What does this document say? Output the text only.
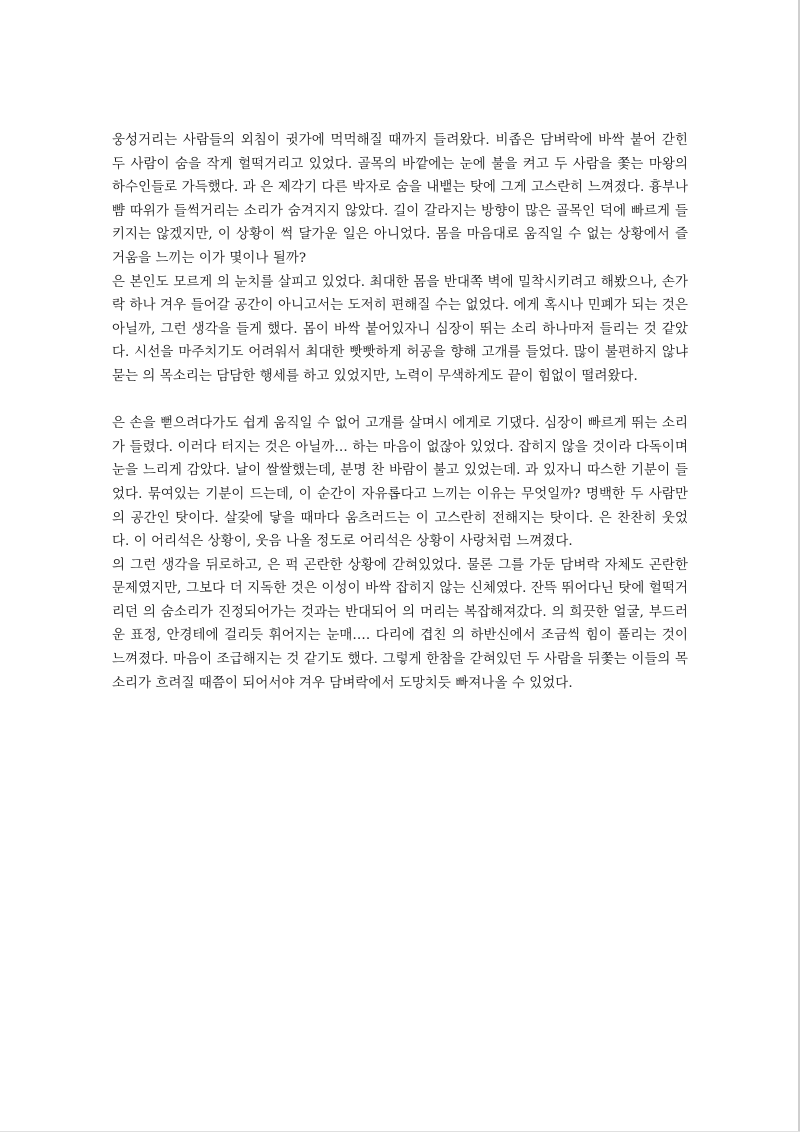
웅성거리는 사람들의 외침이 귓가에 먹먹해질 때까지 들려왔다. 비좁은 담벼락에 바싹 붙어 갇힌 두 사람이 숨을 작게 헐떡거리고 있었다. 골목의 바깥에는 눈에 불을 켜고 두 사람을 쫓는 마왕의 하수인들로 가득했다. 과 은 제각기 다른 박자로 숨을 내뱉는 탓에 그게 고스란히 느껴졌다. 흉부나 뺨 따위가 들썩거리는 소리가 숨겨지지 않았다. 길이 갈라지는 방향이 많은 골목인 덕에 빠르게 들키지는 않겠지만, 이 상황이 썩 달가운 일은 아니었다. 몸을 마음대로 움직일 수 없는 상황에서 즐거움을 느끼는 이가 몇이나 될까?

은 본인도 모르게 의 눈치를 살피고 있었다. 최대한 몸을 반대쪽 벽에 밀착시키려고 해봤으나, 손가락 하나 겨우 들어갈 공간이 아니고서는 도저히 편해질 수는 없었다. 에게 혹시나 민폐가 되는 것은 아닐까, 그런 생각을 들게 했다. 몸이 바싹 붙어있자니 심장이 뛰는 소리 하나마저 들리는 것 같았다. 시선을 마주치기도 어려워서 최대한 빳빳하게 허공을 향해 고개를 들었다. 많이 불편하지 않냐 묻는 의 목소리는 담담한 행세를 하고 있었지만, 노력이 무색하게도 끝이 힘없이 떨려왔다.

은 손을 뻗으려다가도 쉽게 움직일 수 없어 고개를 살며시 에게로 기댔다. 심장이 빠르게 뛰는 소리가 들렸다. 이러다 터지는 것은 아닐까… 하는 마음이 없잖아 있었다. 잡히지 않을 것이라 다독이며 눈을 느리게 감았다. 날이 쌀쌀했는데, 분명 찬 바람이 불고 있었는데. 과 있자니 따스한 기분이 들었다. 묶여있는 기분이 드는데, 이 순간이 자유롭다고 느끼는 이유는 무엇일까? 명백한 두 사람만의 공간인 탓이다. 살갗에 닿을 때마다 움츠러드는 이 고스란히 전해지는 탓이다. 은 찬찬히 웃었다. 이 어리석은 상황이, 웃음 나올 정도로 어리석은 상황이 사랑처럼 느껴졌다.

의 그런 생각을 뒤로하고, 은 퍽 곤란한 상황에 갇혀있었다. 물론 그를 가둔 담벼락 자체도 곤란한 문제였지만, 그보다 더 지독한 것은 이성이 바싹 잡히지 않는 신체였다. 잔뜩 뛰어다닌 탓에 헐떡거리던 의 숨소리가 진정되어가는 것과는 반대되어 의 머리는 복잡해져갔다. 의 희끗한 얼굴, 부드러운 표정, 안경테에 걸리듯 휘어지는 눈매…. 다리에 겹친 의 하반신에서 조금씩 힘이 풀리는 것이 느껴졌다. 마음이 조급해지는 것 같기도 했다. 그렇게 한참을 갇혀있던 두 사람을 뒤쫓는 이들의 목소리가 흐려질 때쯤이 되어서야 겨우 담벼락에서 도망치듯 빠져나올 수 있었다.
